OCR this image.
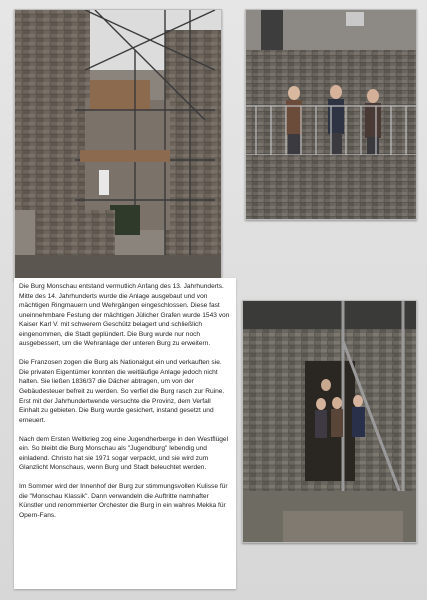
Die Burg Monschau entstand vermutlich Anfang des 13. Jahrhunderts. Mitte des 14. Jahrhunderts wurde die Anlage ausgebaut und von mächtigen Ringmauern und Wehrgängen eingeschlossen. Diese fast uneinnehmbare Festung der mächtigen Jülicher Grafen wurde 1543 von Kaiser Karl V. mit schwerem Geschütz belagert und schließlich eingenommen, die Stadt geplündert. Die Burg wurde nur noch ausgebessert, um die Wehranlage der unteren Burg zu erweitern.

Die Franzosen zogen die Burg als Nationalgut ein und verkauften sie. Die privaten Eigentümer konnten die weitläufige Anlage jedoch nicht halten. Sie ließen 1836/37 die Dächer abtragen, um von der Gebäudesteuer befreit zu werden. So verfiel die Burg rasch zur Ruine. Erst mit der Jahrhundertwende versuchte die Provinz, dem Verfall Einhalt zu gebieten. Die Burg wurde gesichert, instand gesetzt und erneuert.

Nach dem Ersten Weltkrieg zog eine Jugendherberge in den Westflügel ein. So bleibt die Burg Monschau als "Jugendburg" lebendig und einladend. Christo hat sie 1971 sogar verpackt, und sie wird zum Glanzlicht Monschaus, wenn Burg und Stadt beleuchtet werden.

Im Sommer wird der Innenhof der Burg zur stimmungsvollen Kulisse für die "Monschau Klassik". Dann verwandeln die Auftritte namhafter Künstler und renommierter Orchester die Burg in ein wahres Mekka für Opern-Fans.
